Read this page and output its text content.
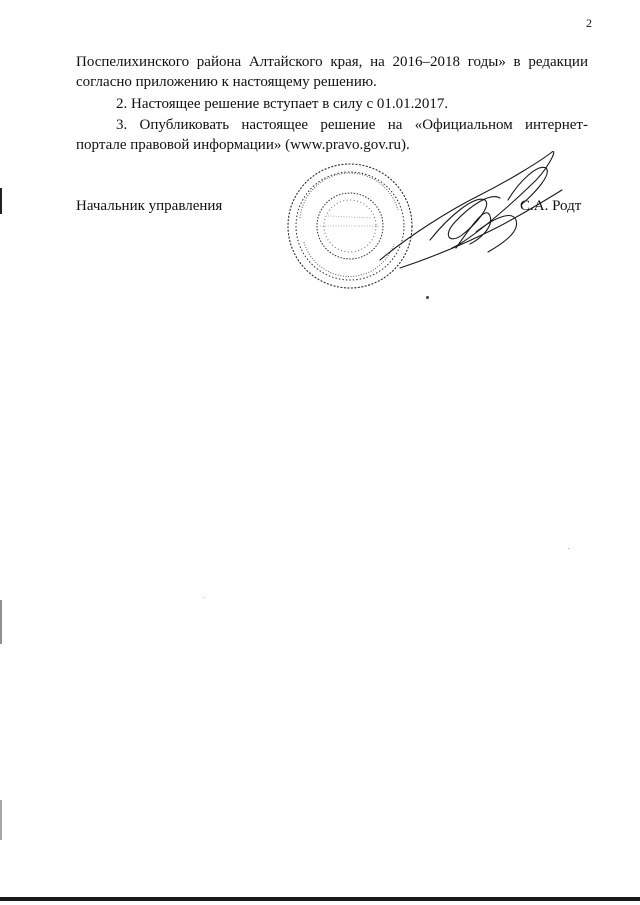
2
Поспелихинского района Алтайского края, на 2016–2018 годы» в редакции
согласно приложению к настоящему решению.
2. Настоящее решение вступает в силу с 01.01.2017.
3. Опубликовать настоящее решение на «Официальном интернет-
портале правовой информации» (www.pravo.gov.ru).
Начальник управления	С.А. Родт
